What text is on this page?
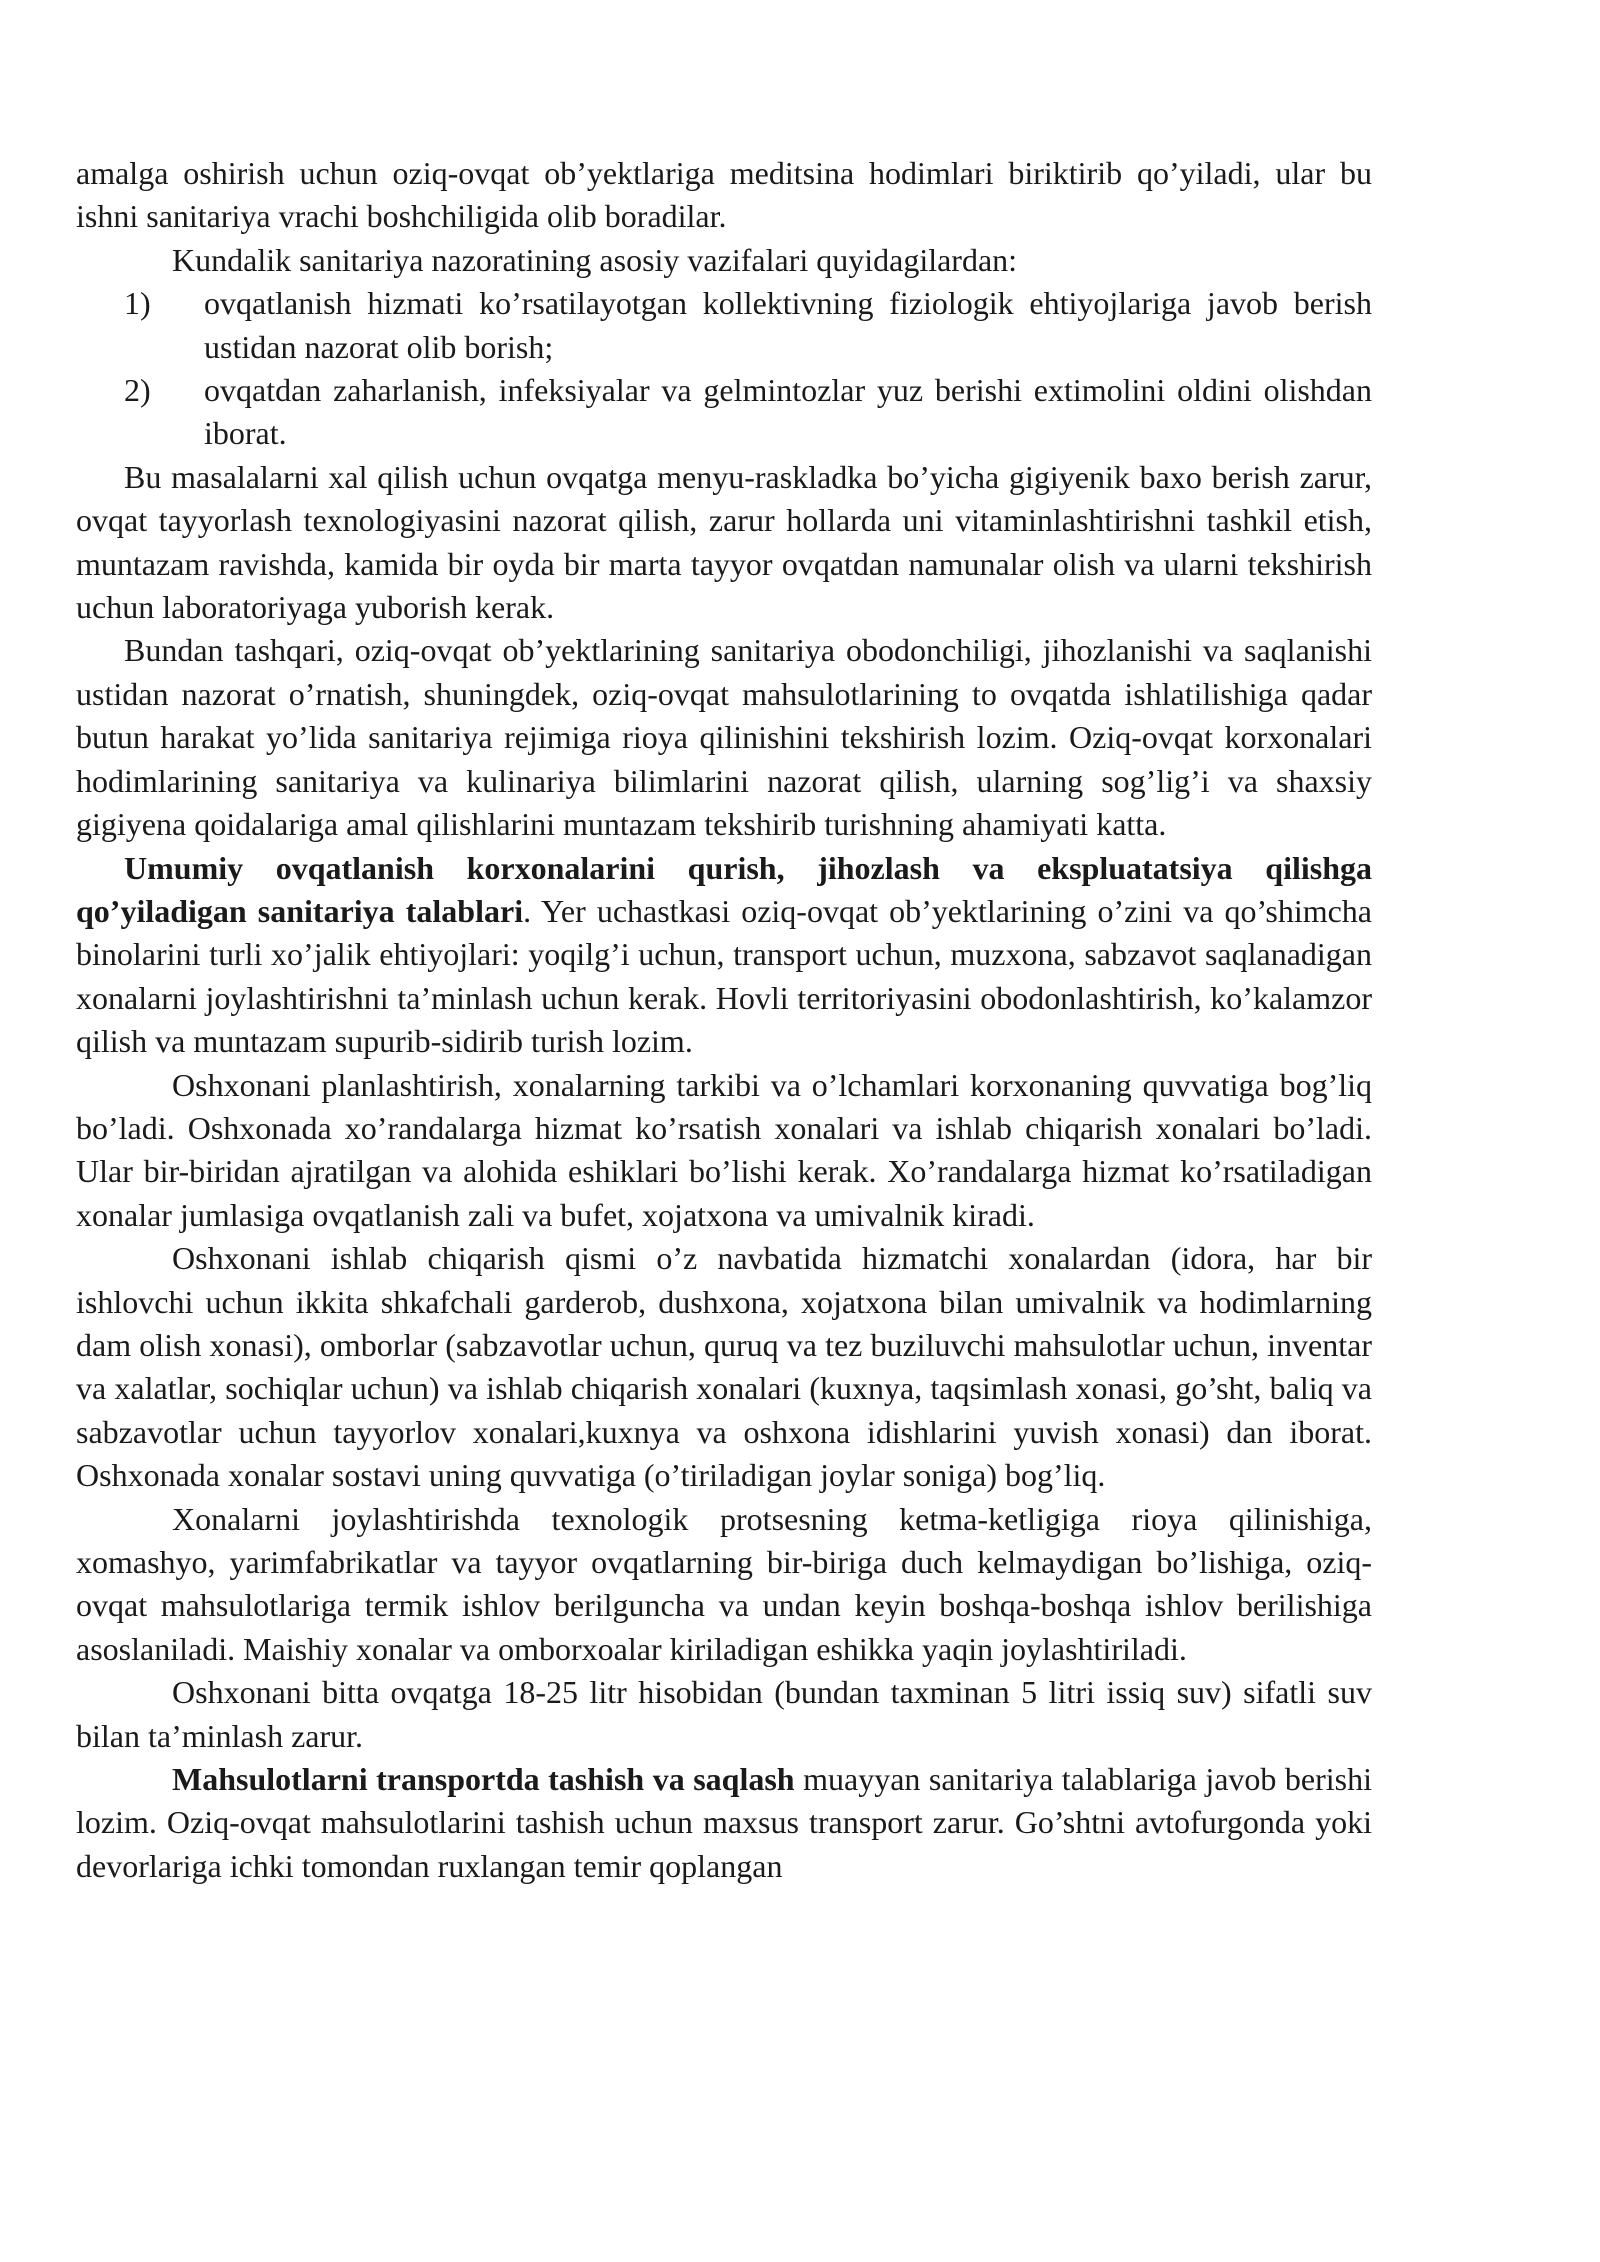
amalga oshirish uchun oziq-ovqat ob’yektlariga meditsina hodimlari biriktirib qo’yiladi, ular bu ishni sanitariya vrachi boshchiligida olib boradilar.

Kundalik sanitariya nazoratining asosiy vazifalari quyidagilardan:

1)	ovqatlanish hizmati ko’rsatilayotgan kollektivning fiziologik ehtiyojlariga javob berish ustidan nazorat olib borish;
2)	ovqatdan zaharlanish, infeksiyalar va gelmintozlar yuz berishi extimolini oldini olishdan iborat.

Bu masalalarni xal qilish uchun ovqatga menyu-raskladka bo’yicha gigiyenik baxo berish zarur, ovqat tayyorlash texnologiyasini nazorat qilish, zarur hollarda uni vitaminlashtirishni tashkil etish, muntazam ravishda, kamida bir oyda bir marta tayyor ovqatdan namunalar olish va ularni tekshirish uchun laboratoriyaga yuborish kerak.

Bundan tashqari, oziq-ovqat ob’yektlarining sanitariya obodonchiligi, jihozlanishi va saqlanishi ustidan nazorat o’rnatish, shuningdek, oziq-ovqat mahsulotlarining to ovqatda ishlatilishiga qadar butun harakat yo’lida sanitariya rejimiga rioya qilinishini tekshirish lozim. Oziq-ovqat korxonalari hodimlarining sanitariya va kulinariya bilimlarini nazorat qilish, ularning sog’lig’i va shaxsiy gigiyena qoidalariga amal qilishlarini muntazam tekshirib turishning ahamiyati katta.

Umumiy ovqatlanish korxonalarini qurish, jihozlash va ekspluatatsiya qilishga qo’yiladigan sanitariya talablari. Yer uchastkasi oziq-ovqat ob’yektlarining o’zini va qo’shimcha binolarini turli xo’jalik ehtiyojlari: yoqilg’i uchun, transport uchun, muzxona, sabzavot saqlanadigan xonalarni joylashtirishni ta’minlash uchun kerak. Hovli territoriyasini obodonlashtirish, ko’kalamzor qilish va muntazam supurib-sidirib turish lozim.

Oshxonani planlashtirish, xonalarning tarkibi va o’lchamlari korxonaning quvvatiga bog’liq bo’ladi. Oshxonada xo’randalarga hizmat ko’rsatish xonalari va ishlab chiqarish xonalari bo’ladi. Ular bir-biridan ajratilgan va alohida eshiklari bo’lishi kerak. Xo’randalarga hizmat ko’rsatiladigan xonalar jumlasiga ovqatlanish zali va bufet, xojatxona va umivalnik kiradi.

Oshxonani ishlab chiqarish qismi o’z navbatida hizmatchi xonalardan (idora, har bir ishlovchi uchun ikkita shkafchali garderob, dushxona, xojatxona bilan umivalnik va hodimlarning dam olish xonasi), omborlar (sabzavotlar uchun, quruq va tez buziluvchi mahsulotlar uchun, inventar va xalatlar, sochiqlar uchun) va ishlab chiqarish xonalari (kuxnya, taqsimlash xonasi, go’sht, baliq va sabzavotlar uchun tayyorlov xonalari,kuxnya va oshxona idishlarini yuvish xonasi) dan iborat. Oshxonada xonalar sostavi uning quvvatiga (o’tiriladigan joylar soniga) bog’liq.

Xonalarni joylashtirishda texnologik protsesning ketma-ketligiga rioya qilinishiga, xomashyo, yarimfabrikatlar va tayyor ovqatlarning bir-biriga duch kelmaydigan bo’lishiga, oziq-ovqat mahsulotlariga termik ishlov berilguncha va undan keyin boshqa-boshqa ishlov berilishiga asoslaniladi. Maishiy xonalar va omborxoalar kiriladigan eshikka yaqin joylashtiriladi.

Oshxonani bitta ovqatga 18-25 litr hisobidan (bundan taxminan 5 litri issiq suv) sifatli suv bilan ta’minlash zarur.

Mahsulotlarni transportda tashish va saqlash muayyan sanitariya talablariga javob berishi lozim. Oziq-ovqat mahsulotlarini tashish uchun maxsus transport zarur. Go’shtni avtofurgonda yoki devorlariga ichki tomondan ruxlangan temir qoplangan
